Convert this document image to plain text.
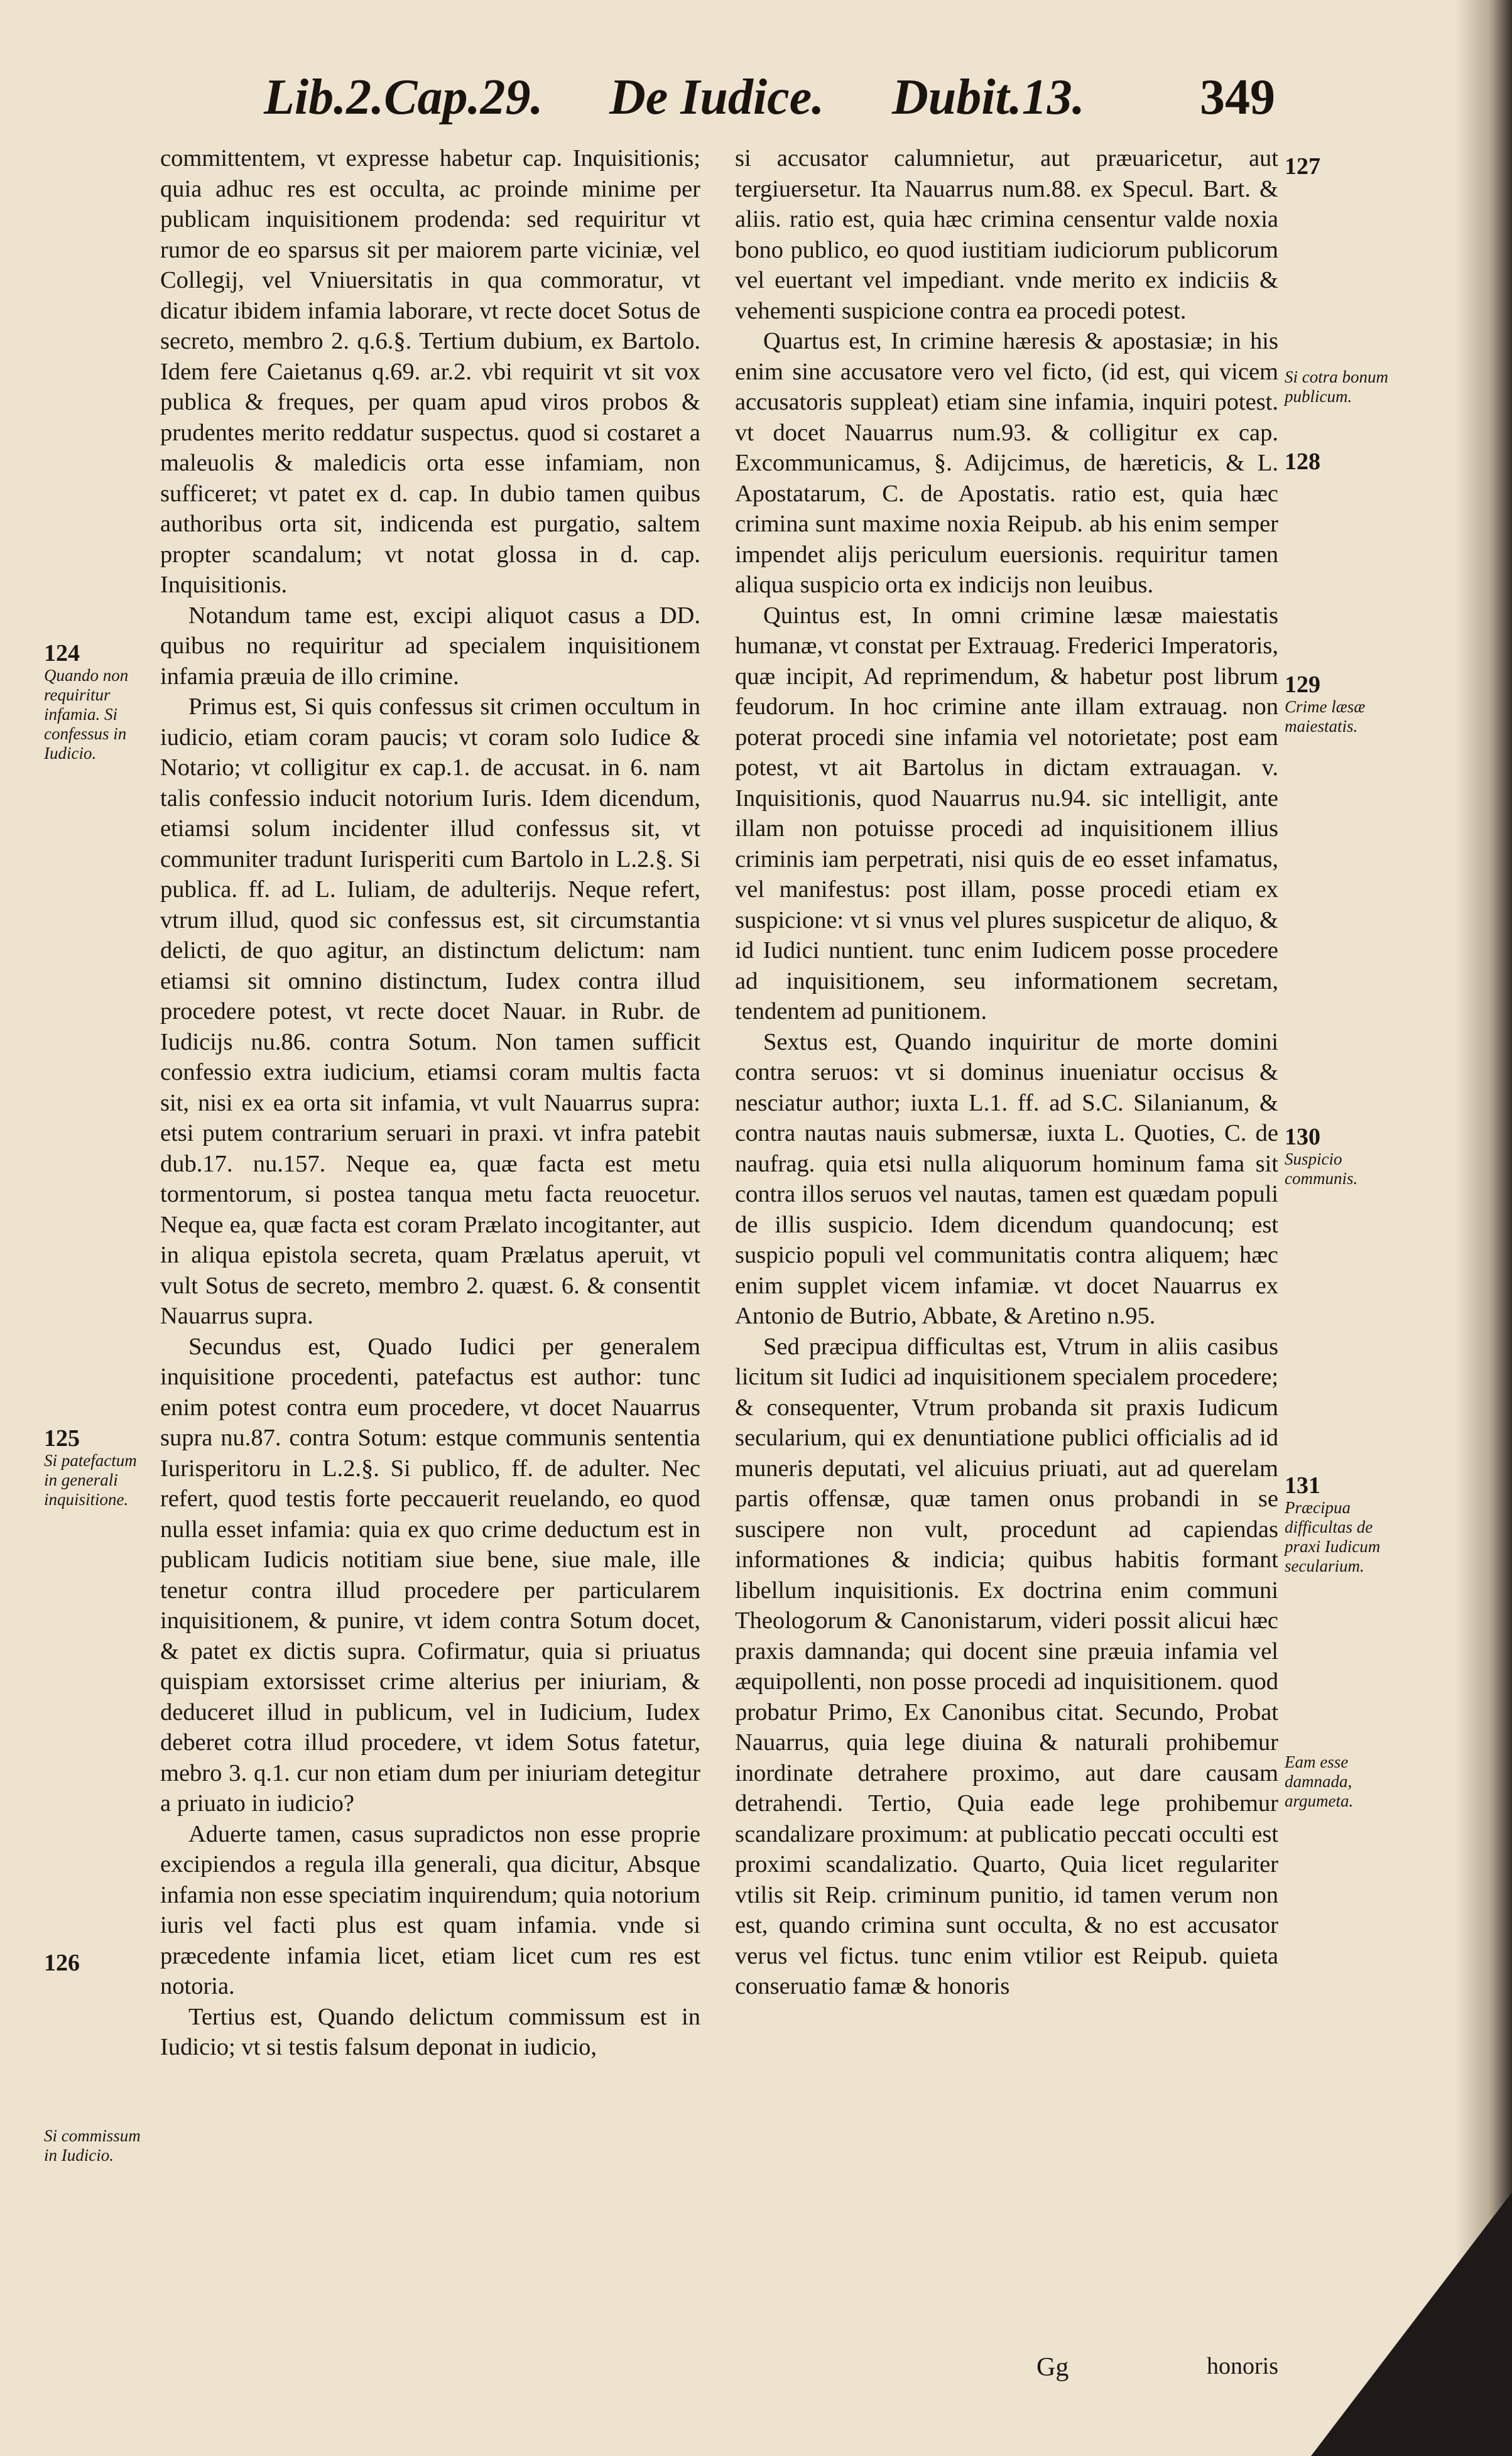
Lib.2.Cap.29. De Iudice. Dubit.13. 349

committentem, vt expresse habetur cap. Inquisitionis; quia adhuc res est occulta, ac proinde minime per publicam inquisitionem prodenda: sed requiritur vt rumor de eo sparsus sit per maiorem parte viciniæ, vel Collegij, vel Vniuersitatis in qua commoratur, vt dicatur ibidem infamia laborare, vt recte docet Sotus de secreto, membro 2. q.6.§. Tertium dubium, ex Bartolo. Idem fere Caietanus q.69. ar.2. vbi requirit vt sit vox publica & freques, per quam apud viros probos & prudentes merito reddatur suspectus. quod si costaret a maleuolis & maledicis orta esse infamiam, non sufficeret; vt patet ex d. cap. In dubio tamen quibus authoribus orta sit, indicenda est purgatio, saltem propter scandalum; vt notat glossa in d. cap. Inquisitionis.

Notandum tame est, excipi aliquot casus a DD. quibus no requiritur ad specialem inquisitionem infamia præuia de illo crimine.

Primus est, Si quis confessus sit crimen occultum in iudicio, etiam coram paucis; vt coram solo Iudice & Notario; vt colligitur ex cap.1. de accusat. in 6. nam talis confessio inducit notorium Iuris. Idem dicendum, etiamsi solum incidenter illud confessus sit, vt communiter tradunt Iurisperiti cum Bartolo in L.2.§. Si publica. ff. ad L. Iuliam, de adulterijs. Neque refert, vtrum illud, quod sic confessus est, sit circumstantia delicti, de quo agitur, an distinctum delictum: nam etiamsi sit omnino distinctum, Iudex contra illud procedere potest, vt recte docet Nauar. in Rubr. de Iudicijs nu.86. contra Sotum. Non tamen sufficit confessio extra iudicium, etiamsi coram multis facta sit, nisi ex ea orta sit infamia, vt vult Nauarrus supra: etsi putem contrarium seruari in praxi. vt infra patebit dub.17. nu.157. Neque ea, quæ facta est metu tormentorum, si postea tanqua metu facta reuocetur. Neque ea, quæ facta est coram Prælato incogitanter, aut in aliqua epistola secreta, quam Prælatus aperuit, vt vult Sotus de secreto, membro 2. quæst. 6. & consentit Nauarrus supra.

Secundus est, Quado Iudici per generalem inquisitione procedenti, patefactus est author: tunc enim potest contra eum procedere, vt docet Nauarrus supra nu.87. contra Sotum: estque communis sententia Iurisperitoru in L.2.§. Si publico, ff. de adulter. Nec refert, quod testis forte peccauerit reuelando, eo quod nulla esset infamia: quia ex quo crime deductum est in publicam Iudicis notitiam siue bene, siue male, ille tenetur contra illud procedere per particularem inquisitionem, & punire, vt idem contra Sotum docet, & patet ex dictis supra. Cofirmatur, quia si priuatus quispiam extorsisset crime alterius per iniuriam, & deduceret illud in publicum, vel in Iudicium, Iudex deberet cotra illud procedere, vt idem Sotus fatetur, mebro 3. q.1. cur non etiam dum per iniuriam detegitur a priuato in iudicio?

Aduerte tamen, casus supradictos non esse proprie excipiendos a regula illa generali, qua dicitur, Absque infamia non esse speciatim inquirendum; quia notorium iuris vel facti plus est quam infamia. vnde si præcedente infamia licet, etiam licet cum res est notoria.

Tertius est, Quando delictum commissum est in Iudicio; vt si testis falsum deponat in iudicio,

si accusator calumnietur, aut præuaricetur, aut tergiuersetur. Ita Nauarrus num.88. ex Specul. Bart. & aliis. ratio est, quia hæc crimina censentur valde noxia bono publico, eo quod iustitiam iudiciorum publicorum vel euertant vel impediant. vnde merito ex indiciis & vehementi suspicione contra ea procedi potest.

Quartus est, In crimine hæresis & apostasiæ; in his enim sine accusatore vero vel ficto, (id est, qui vicem accusatoris suppleat) etiam sine infamia, inquiri potest. vt docet Nauarrus num.93. & colligitur ex cap. Excommunicamus, §. Adijcimus, de hæreticis, & L. Apostatarum, C. de Apostatis. ratio est, quia hæc crimina sunt maxime noxia Reipub. ab his enim semper impendet alijs periculum euersionis. requiritur tamen aliqua suspicio orta ex indicijs non leuibus.

Quintus est, In omni crimine læsæ maiestatis humanæ, vt constat per Extrauag. Frederici Imperatoris, quæ incipit, Ad reprimendum, & habetur post librum feudorum. In hoc crimine ante illam extrauag. non poterat procedi sine infamia vel notorietate; post eam potest, vt ait Bartolus in dictam extrauagan. v. Inquisitionis, quod Nauarrus nu.94. sic intelligit, ante illam non potuisse procedi ad inquisitionem illius criminis iam perpetrati, nisi quis de eo esset infamatus, vel manifestus: post illam, posse procedi etiam ex suspicione: vt si vnus vel plures suspicetur de aliquo, & id Iudici nuntient. tunc enim Iudicem posse procedere ad inquisitionem, seu informationem secretam, tendentem ad punitionem.

Sextus est, Quando inquiritur de morte domini contra seruos: vt si dominus inueniatur occisus & nesciatur author; iuxta L.1. ff. ad S.C. Silanianum, & contra nautas nauis submersæ, iuxta L. Quoties, C. de naufrag. quia etsi nulla aliquorum hominum fama sit contra illos seruos vel nautas, tamen est quædam populi de illis suspicio. Idem dicendum quandocunq; est suspicio populi vel communitatis contra aliquem; hæc enim supplet vicem infamiæ. vt docet Nauarrus ex Antonio de Butrio, Abbate, & Aretino n.95.

Sed præcipua difficultas est, Vtrum in aliis casibus licitum sit Iudici ad inquisitionem specialem procedere; & consequenter, Vtrum probanda sit praxis Iudicum secularium, qui ex denuntiatione publici officialis ad id muneris deputati, vel alicuius priuati, aut ad querelam partis offensæ, quæ tamen onus probandi in se suscipere non vult, procedunt ad capiendas informationes & indicia; quibus habitis formant libellum inquisitionis. Ex doctrina enim communi Theologorum & Canonistarum, videri possit alicui hæc praxis damnanda; qui docent sine præuia infamia vel æquipollenti, non posse procedi ad inquisitionem. quod probatur Primo, Ex Canonibus citat. Secundo, Probat Nauarrus, quia lege diuina & naturali prohibemur inordinate detrahere proximo, aut dare causam detrahendi. Tertio, Quia eade lege prohibemur scandalizare proximum: at publicatio peccati occulti est proximi scandalizatio. Quarto, Quia licet regulariter vtilis sit Reip. criminum punitio, id tamen verum non est, quando crimina sunt occulta, & no est accusator verus vel fictus. tunc enim vtilior est Reipub. quieta conseruatio famæ & honoris

124
Quando non requiritur infamia. Si confessus in Iudicio.
125
Si patefactum in generali inquisitione.
126
Si commissum in Iudicio.
127
Si cotra bonum publicum.
128
129
Crime læsæ maiestatis.
130
Suspicio communis.
131
Præcipua difficultas de praxi Iudicum secularium.
Eam esse damnada, argumeta.
Gg	honoris
